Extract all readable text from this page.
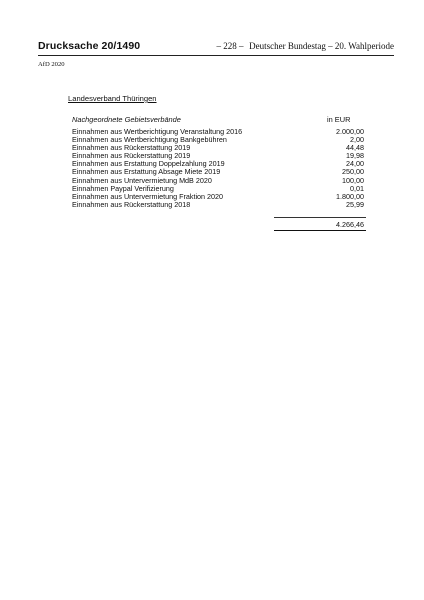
Drucksache 20/1490	– 228 – Deutscher Bundestag – 20. Wahlperiode
AfD 2020
Landesverband Thüringen
Nachgeordnete Gebietsverbände	in EUR
Einnahmen aus Wertberichtigung Veranstaltung 2016	2.000,00
Einnahmen aus Wertberichtigung Bankgebühren	2,00
Einnahmen aus Rückerstattung 2019	44,48
Einnahmen aus Rückerstattung 2019	19,98
Einnahmen aus Erstattung Doppelzahlung 2019	24,00
Einnahmen aus Erstattung Absage Miete 2019	250,00
Einnahmen aus Untervermietung MdB 2020	100,00
Einnahmen Paypal Verifizierung	0,01
Einnahmen aus Untervermietung Fraktion 2020	1.800,00
Einnahmen aus Rückerstattung 2018	25,99
4.266,46
